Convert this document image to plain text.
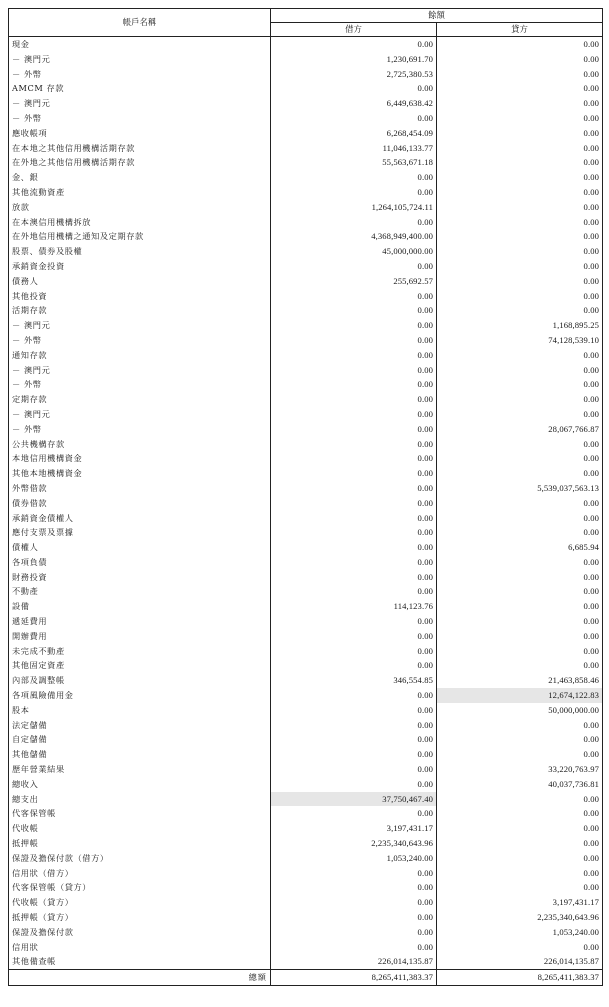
帳戶名稱	餘額	
	借方	貸方
現金	0.00	0.00
－ 澳門元	1,230,691.70	0.00
－ 外幣	2,725,380.53	0.00
AMCM 存款	0.00	0.00
－ 澳門元	6,449,638.42	0.00
－ 外幣	0.00	0.00
應收帳項	6,268,454.09	0.00
在本地之其他信用機構活期存款	11,046,133.77	0.00
在外地之其他信用機構活期存款	55,563,671.18	0.00
金、銀	0.00	0.00
其他流動資產	0.00	0.00
放款	1,264,105,724.11	0.00
在本澳信用機構拆放	0.00	0.00
在外地信用機構之通知及定期存款	4,368,949,400.00	0.00
股票、債券及股權	45,000,000.00	0.00
承銷資金投資	0.00	0.00
債務人	255,692.57	0.00
其他投資	0.00	0.00
活期存款	0.00	0.00
－ 澳門元	0.00	1,168,895.25
－ 外幣	0.00	74,128,539.10
通知存款	0.00	0.00
－ 澳門元	0.00	0.00
－ 外幣	0.00	0.00
定期存款	0.00	0.00
－ 澳門元	0.00	0.00
－ 外幣	0.00	28,067,766.87
公共機構存款	0.00	0.00
本地信用機構資金	0.00	0.00
其他本地機構資金	0.00	0.00
外幣借款	0.00	5,539,037,563.13
債券借款	0.00	0.00
承銷資金債權人	0.00	0.00
應付支票及票據	0.00	0.00
債權人	0.00	6,685.94
各項負債	0.00	0.00
財務投資	0.00	0.00
不動產	0.00	0.00
設備	114,123.76	0.00
遞延費用	0.00	0.00
開辦費用	0.00	0.00
未完成不動產	0.00	0.00
其他固定資產	0.00	0.00
內部及調整帳	346,554.85	21,463,858.46
各項風險備用金	0.00	12,674,122.83
股本	0.00	50,000,000.00
法定儲備	0.00	0.00
自定儲備	0.00	0.00
其他儲備	0.00	0.00
歷年營業結果	0.00	33,220,763.97
總收入	0.00	40,037,736.81
總支出	37,750,467.40	0.00
代客保管帳	0.00	0.00
代收帳	3,197,431.17	0.00
抵押帳	2,235,340,643.96	0.00
保證及擔保付款（借方）	1,053,240.00	0.00
信用狀（借方）	0.00	0.00
代客保管帳（貸方）	0.00	0.00
代收帳（貸方）	0.00	3,197,431.17
抵押帳（貸方）	0.00	2,235,340,643.96
保證及擔保付款	0.00	1,053,240.00
信用狀	0.00	0.00
其他備查帳	226,014,135.87	226,014,135.87
總額	8,265,411,383.37	8,265,411,383.37
